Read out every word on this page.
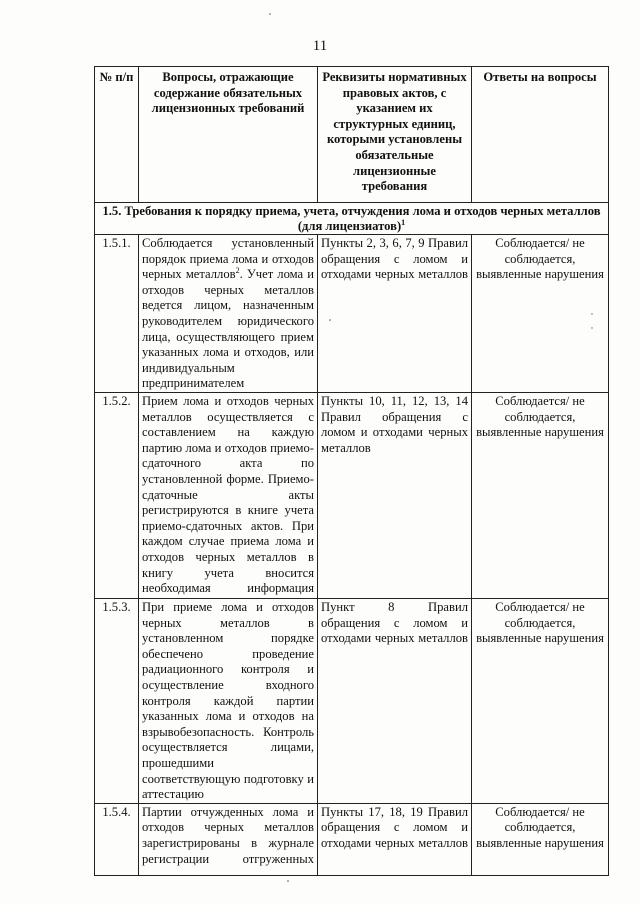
11
№ п/п	Вопросы, отражающие содержание обязательных лицензионных требований	Реквизиты нормативных правовых актов, с указанием их структурных единиц, которыми установлены обязательные лицензионные требования	Ответы на вопросы
1.5. Требования к порядку приема, учета, отчуждения лома и отходов черных металлов (для лицензиатов)$^1$
1.5.1.	Соблюдается установленный порядок приема лома и отходов черных металлов$^2$. Учет лома и отходов черных металлов ведется лицом, назначенным руководителем юридического лица, осуществляющего прием указанных лома и отходов, или индивидуальным предпринимателем	Пункты 2, 3, 6, 7, 9 Правил обращения с ломом и отходами черных металлов	Соблюдается/ не соблюдается, выявленные нарушения
1.5.2.	Прием лома и отходов черных металлов осуществляется с составлением на каждую партию лома и отходов приемо-сдаточного акта по установленной форме. Приемо-сдаточные акты регистрируются в книге учета приемо-сдаточных актов. При каждом случае приема лома и отходов черных металлов в книгу учета вносится необходимая информация	Пункты 10, 11, 12, 13, 14 Правил обращения с ломом и отходами черных металлов	Соблюдается/ не соблюдается, выявленные нарушения
1.5.3.	При приеме лома и отходов черных металлов в установленном порядке обеспечено проведение радиационного контроля и осуществление входного контроля каждой партии указанных лома и отходов на взрывобезопасность. Контроль осуществляется лицами, прошедшими соответствующую подготовку и аттестацию	Пункт 8 Правил обращения с ломом и отходами черных металлов	Соблюдается/ не соблюдается, выявленные нарушения
1.5.4.	Партии отчужденных лома и отходов черных металлов зарегистрированы в журнале регистрации отгруженных	Пункты 17, 18, 19 Правил обращения с ломом и отходами черных металлов	Соблюдается/ не соблюдается, выявленные нарушения
